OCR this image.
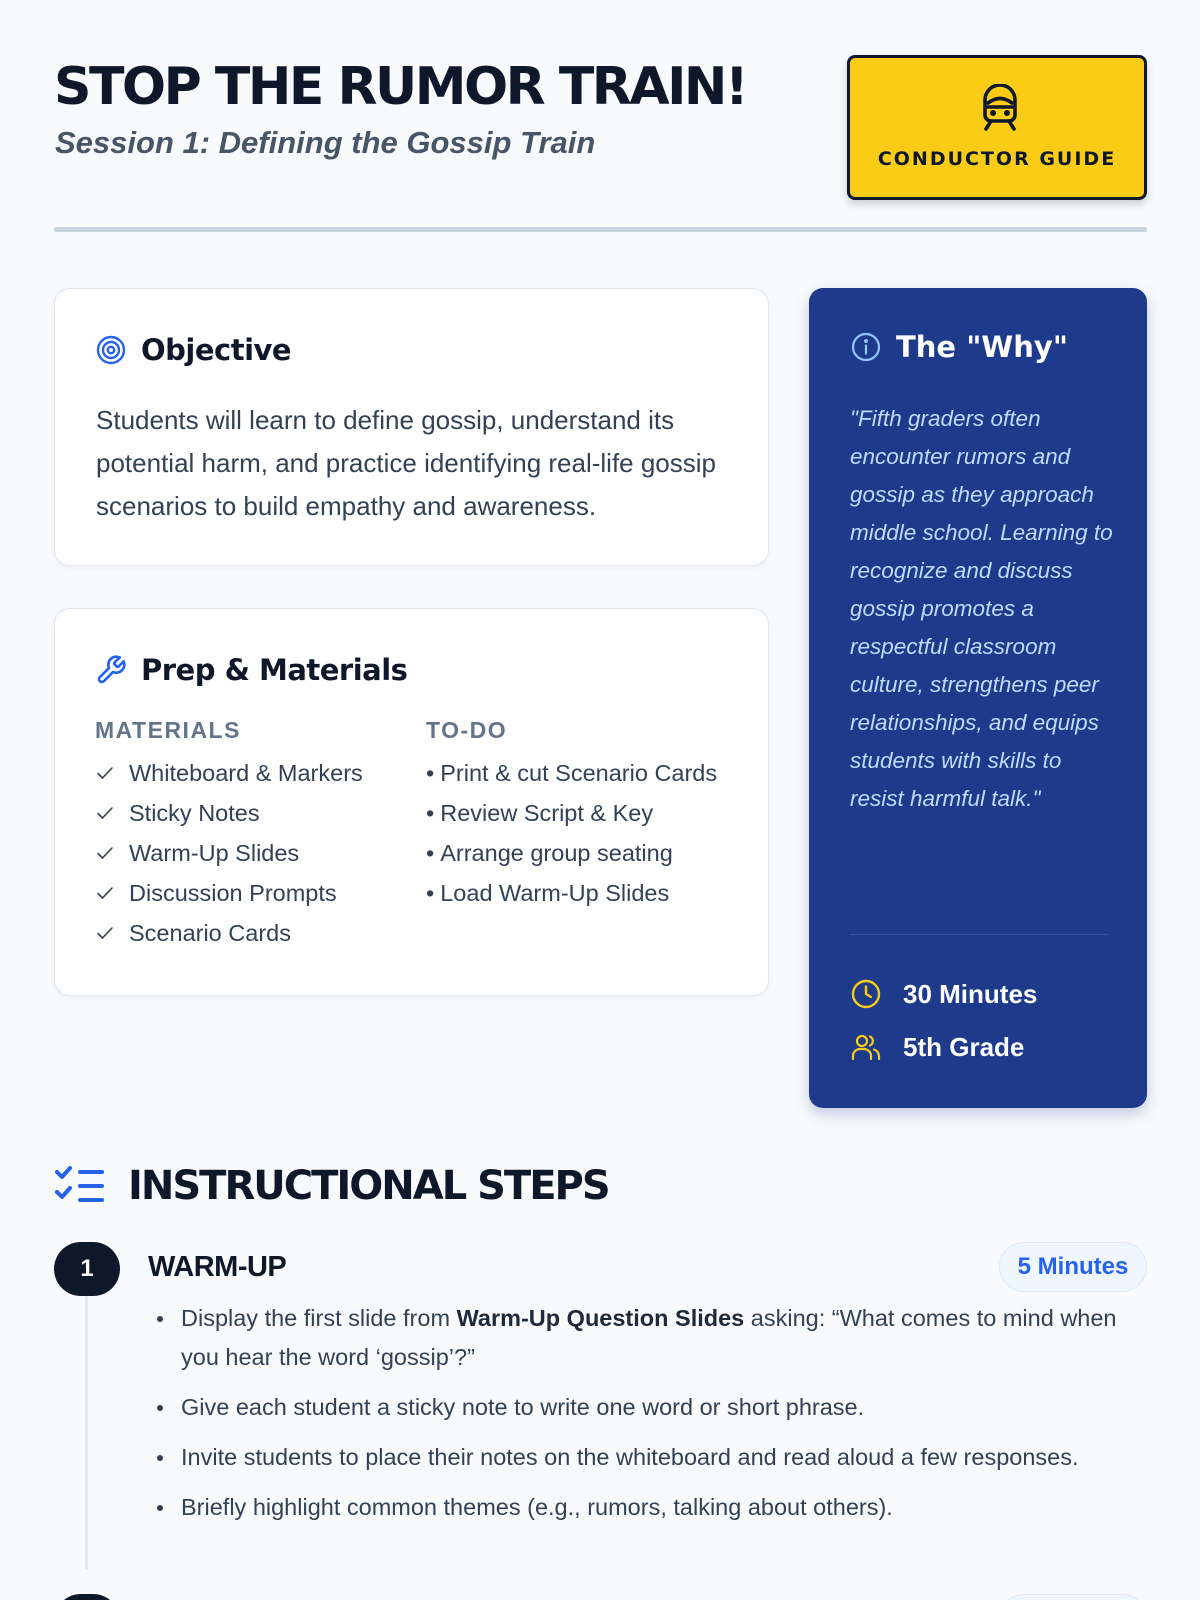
STOP THE RUMOR TRAIN!
Session 1: Defining the Gossip Train	CONDUCTOR GUIDE
Objective

Students will learn to define gossip, understand its potential harm, and practice identifying real-life gossip scenarios to build empathy and awareness.

Prep & Materials
MATERIALS
Whiteboard & Markers
Sticky Notes
Warm-Up Slides
Discussion Prompts
Scenario Cards
TO-DO
• Print & cut Scenario Cards
• Review Script & Key
• Arrange group seating
• Load Warm-Up Slides
The "Why"

"Fifth graders often encounter rumors and gossip as they approach middle school. Learning to recognize and discuss gossip promotes a respectful classroom culture, strengthens peer relationships, and equips students with skills to resist harmful talk."

30 Minutes
5th Grade
INSTRUCTIONAL STEPS
1	WARM-UP	5 Minutes
Display the first slide from Warm-Up Question Slides asking: “What comes to mind when you hear the word ‘gossip’?”
Give each student a sticky note to write one word or short phrase.
Invite students to place their notes on the whiteboard and read aloud a few responses.
Briefly highlight common themes (e.g., rumors, talking about others).
